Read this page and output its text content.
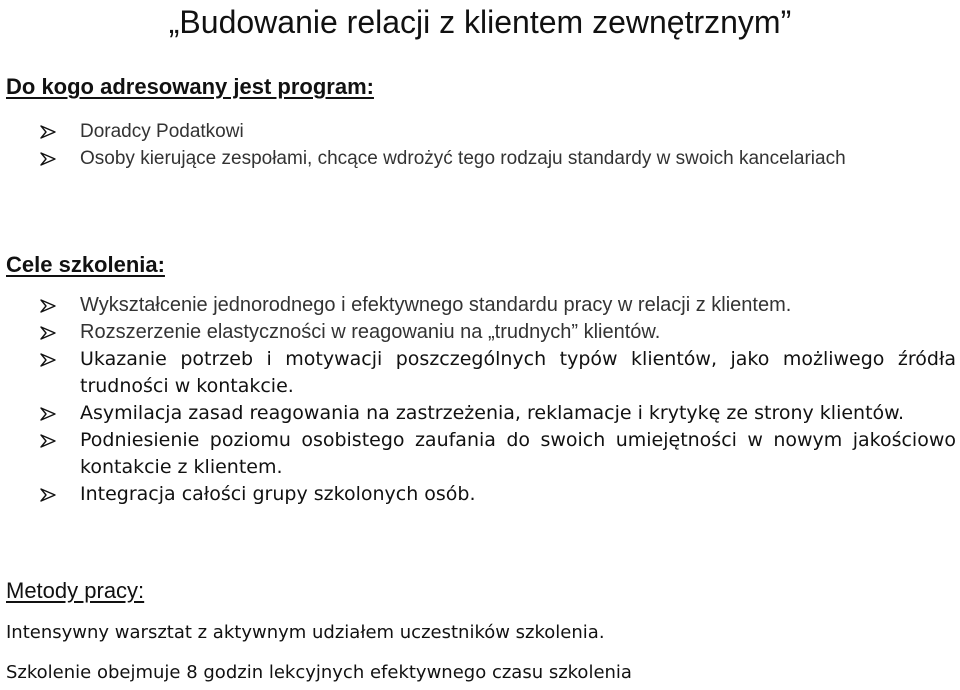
„Budowanie relacji z klientem zewnętrznym”
Do kogo adresowany jest program:
Doradcy Podatkowi
Osoby kierujące zespołami, chcące wdrożyć tego rodzaju standardy w swoich kancelariach
Cele szkolenia:
Wykształcenie jednorodnego i efektywnego standardu pracy w relacji z klientem.
Rozszerzenie elastyczności w reagowaniu na „trudnych” klientów.
Ukazanie potrzeb i motywacji poszczególnych typów klientów, jako możliwego źródła trudności w kontakcie.
Asymilacja zasad reagowania na zastrzeżenia, reklamacje i krytykę ze strony klientów.
Podniesienie poziomu osobistego zaufania do swoich umiejętności w nowym jakościowo kontakcie z klientem.
Integracja całości grupy szkolonych osób.
Metody pracy:

Intensywny warsztat z aktywnym udziałem uczestników szkolenia.

Szkolenie obejmuje 8 godzin lekcyjnych efektywnego czasu szkolenia
